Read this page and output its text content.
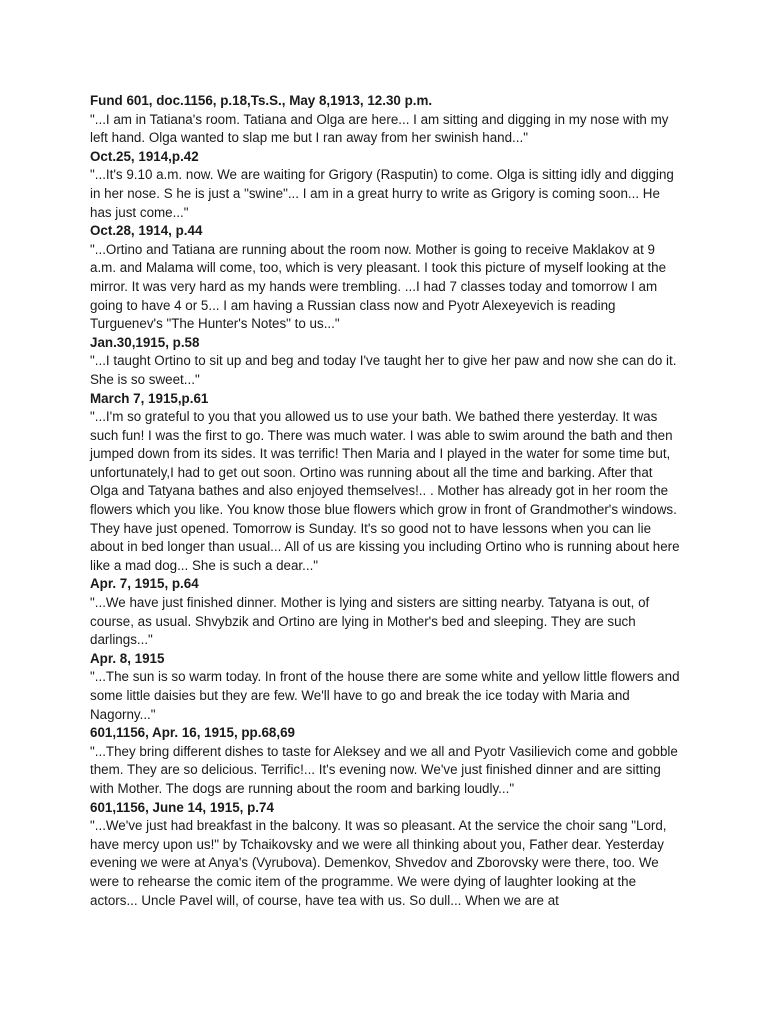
Fund 601, doc.1156, p.18,Ts.S., May 8,1913, 12.30 p.m.

"...I am in Tatiana's room. Tatiana and Olga are here... I am sitting and digging in my nose with my left hand. Olga wanted to slap me but I ran away from her swinish hand..."

Oct.25, 1914,p.42

"...It's 9.10 a.m. now. We are waiting for Grigory (Rasputin) to come. Olga is sitting idly and digging in her nose. S he is just a "swine"... I am in a great hurry to write as Grigory is coming soon... He has just come..."

Oct.28, 1914, p.44

"...Ortino and Tatiana are running about the room now. Mother is going to receive Maklakov at 9 a.m. and Malama will come, too, which is very pleasant. I took this picture of myself looking at the mirror. It was very hard as my hands were trembling. ...I had 7 classes today and tomorrow I am going to have 4 or 5... I am having a Russian class now and Pyotr Alexeyevich is reading Turguenev's "The Hunter's Notes" to us..."

Jan.30,1915, p.58

"...I taught Ortino to sit up and beg and today I've taught her to give her paw and now she can do it. She is so sweet..."

March 7, 1915,p.61

"...I'm so grateful to you that you allowed us to use your bath. We bathed there yesterday. It was such fun! I was the first to go. There was much water. I was able to swim around the bath and then jumped down from its sides. It was terrific! Then Maria and I played in the water for some time but, unfortunately,I had to get out soon. Ortino was running about all the time and barking. After that Olga and Tatyana bathes and also enjoyed themselves!.. . Mother has already got in her room the flowers which you like. You know those blue flowers which grow in front of Grandmother's windows. They have just opened. Tomorrow is Sunday. It's so good not to have lessons when you can lie about in bed longer than usual... All of us are kissing you including Ortino who is running about here like a mad dog... She is such a dear..."

Apr. 7, 1915, p.64

"...We have just finished dinner. Mother is lying and sisters are sitting nearby. Tatyana is out, of course, as usual. Shvybzik and Ortino are lying in Mother's bed and sleeping. They are such darlings..."

Apr. 8, 1915

"...The sun is so warm today. In front of the house there are some white and yellow little flowers and some little daisies but they are few. We'll have to go and break the ice today with Maria and Nagorny..."

601,1156, Apr. 16, 1915, pp.68,69

"...They bring different dishes to taste for Aleksey and we all and Pyotr Vasilievich come and gobble them. They are so delicious. Terrific!... It's evening now. We've just finished dinner and are sitting with Mother. The dogs are running about the room and barking loudly..."

601,1156, June 14, 1915, p.74

"...We've just had breakfast in the balcony. It was so pleasant. At the service the choir sang "Lord, have mercy upon us!" by Tchaikovsky and we were all thinking about you, Father dear. Yesterday evening we were at Anya's (Vyrubova). Demenkov, Shvedov and Zborovsky were there, too. We were to rehearse the comic item of the programme. We were dying of laughter looking at the actors... Uncle Pavel will, of course, have tea with us. So dull... When we are at
